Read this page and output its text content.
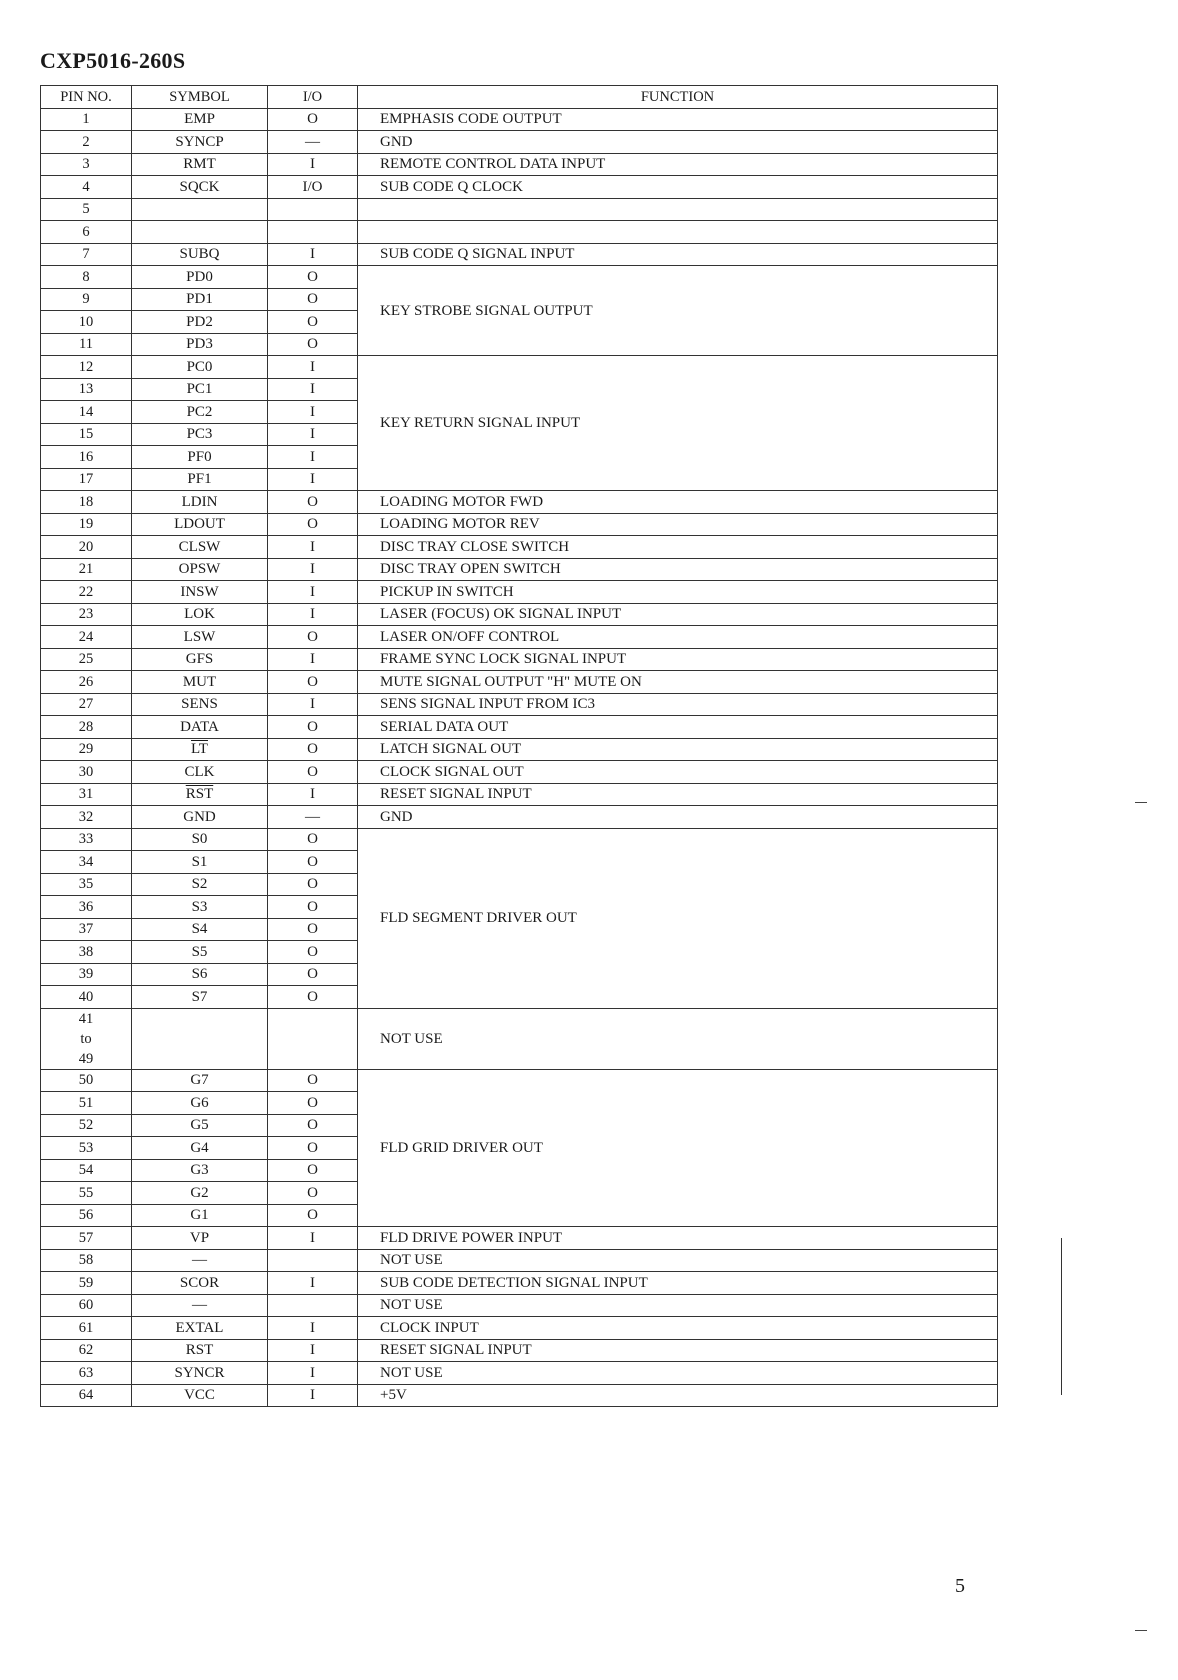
CXP5016-260S
PIN NO.	SYMBOL	I/O	FUNCTION
1	EMP	O	EMPHASIS CODE OUTPUT
2	SYNCP	—	GND
3	RMT	I	REMOTE CONTROL DATA INPUT
4	SQCK	I/O	SUB CODE Q CLOCK
5			
6			
7	SUBQ	I	SUB CODE Q SIGNAL INPUT
8	PD0	O	KEY STROBE SIGNAL OUTPUT
9	PD1	O	
10	PD2	O	
11	PD3	O	
12	PC0	I	KEY RETURN SIGNAL INPUT
13	PC1	I	
14	PC2	I	
15	PC3	I	
16	PF0	I	
17	PF1	I	
18	LDIN	O	LOADING MOTOR FWD
19	LDOUT	O	LOADING MOTOR REV
20	CLSW	I	DISC TRAY CLOSE SWITCH
21	OPSW	I	DISC TRAY OPEN SWITCH
22	INSW	I	PICKUP IN SWITCH
23	LOK	I	LASER (FOCUS) OK SIGNAL INPUT
24	LSW	O	LASER ON/OFF CONTROL
25	GFS	I	FRAME SYNC LOCK SIGNAL INPUT
26	MUT	O	MUTE SIGNAL OUTPUT "H" MUTE ON
27	SENS	I	SENS SIGNAL INPUT FROM IC3
28	DATA	O	SERIAL DATA OUT
29	$\overline{LT}$	O	LATCH SIGNAL OUT
30	CLK	O	CLOCK SIGNAL OUT
31	$\overline{RST}$	I	RESET SIGNAL INPUT
32	GND	—	GND
33	S0	O	FLD SEGMENT DRIVER OUT
34	S1	O	
35	S2	O	
36	S3	O	
37	S4	O	
38	S5	O	
39	S6	O	
40	S7	O	
41
to
49			NOT USE
50	G7	O	FLD GRID DRIVER OUT
51	G6	O	
52	G5	O	
53	G4	O	
54	G3	O	
55	G2	O	
56	G1	O	
57	VP	I	FLD DRIVE POWER INPUT
58	—		NOT USE
59	SCOR	I	SUB CODE DETECTION SIGNAL INPUT
60	—		NOT USE
61	EXTAL	I	CLOCK INPUT
62	RST	I	RESET SIGNAL INPUT
63	SYNCR	I	NOT USE
64	VCC	I	+5V
5
